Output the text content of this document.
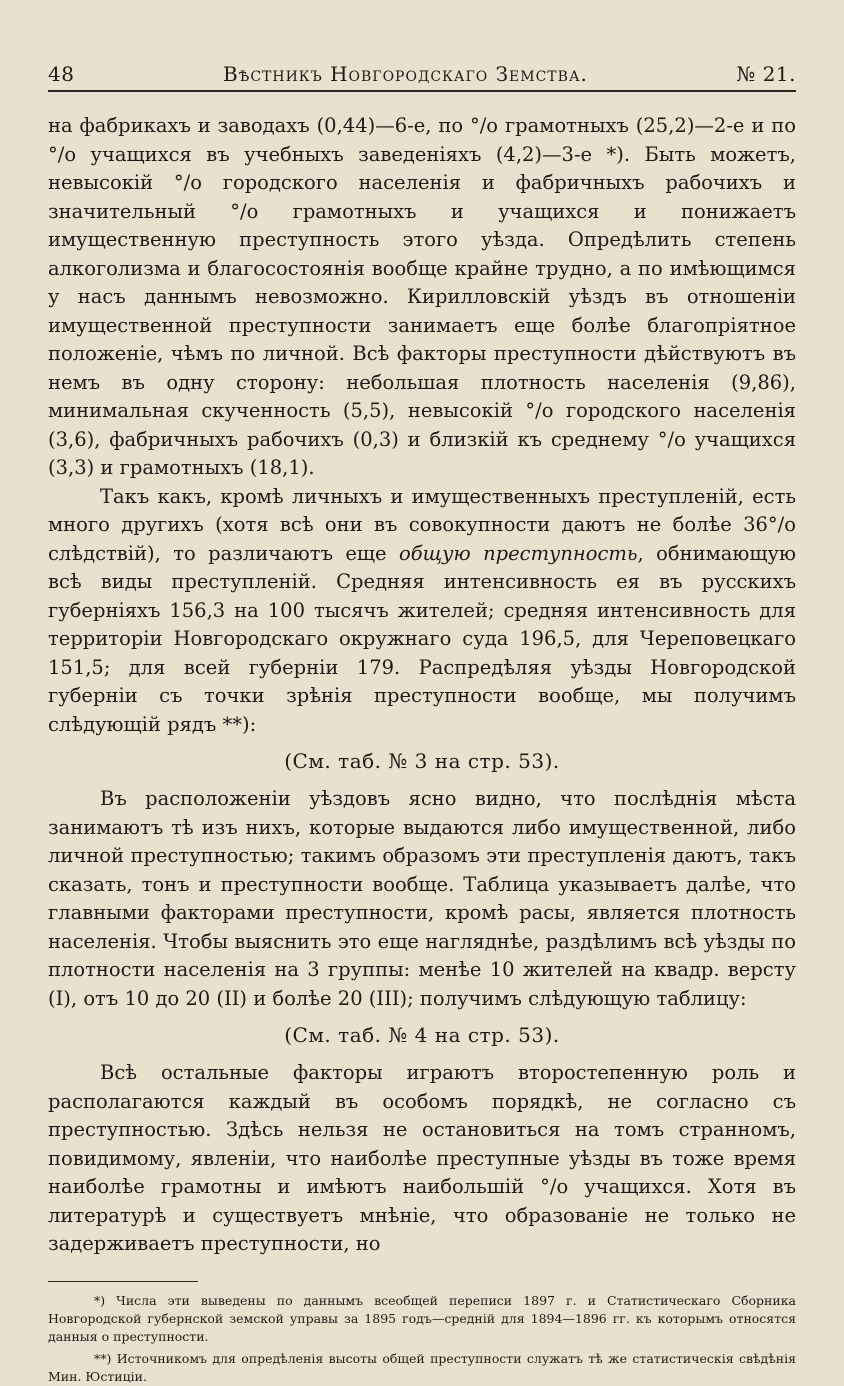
48	Вѣстникъ Новгородскаго Земства.	№ 21.

на фабрикахъ и заводахъ (0,44)—6-е, по °/о грамотныхъ (25,2)—2-е и по °/о учащихся въ учебныхъ заведеніяхъ (4,2)—3-е *). Быть можетъ, невысокій °/о городского населенія и фабричныхъ рабочихъ и значительный °/о грамотныхъ и учащихся и понижаетъ имущественную преступность этого уѣзда. Опредѣлить степень алкоголизма и благосостоянія вообще крайне трудно, а по имѣющимся у насъ даннымъ невозможно. Кирилловскій уѣздъ въ отношеніи имущественной преступности занимаетъ еще болѣе благопріятное положеніе, чѣмъ по личной. Всѣ факторы преступности дѣйствуютъ въ немъ въ одну сторону: небольшая плотность населенія (9,86), минимальная скученность (5,5), невысокій °/о городского населенія (3,6), фабричныхъ рабочихъ (0,3) и близкій къ среднему °/о учащихся (3,3) и грамотныхъ (18,1).

Такъ какъ, кромѣ личныхъ и имущественныхъ преступленій, есть много другихъ (хотя всѣ они въ совокупности даютъ не болѣе 36°/о слѣдствій), то различаютъ еще общую преступность, обнимающую всѣ виды преступленій. Средняя интенсивность ея въ русскихъ губерніяхъ 156,3 на 100 тысячъ жителей; средняя интенсивность для территоріи Новгородскаго окружнаго суда 196,5, для Череповецкаго 151,5; для всей губерніи 179. Распредѣляя уѣзды Новгородской губерніи съ точки зрѣнія преступности вообще, мы получимъ слѣдующій рядъ **):

(См. таб. № 3 на стр. 53).

Въ расположеніи уѣздовъ ясно видно, что послѣднія мѣста занимаютъ тѣ изъ нихъ, которые выдаются либо имущественной, либо личной преступностью; такимъ образомъ эти преступленія даютъ, такъ сказать, тонъ и преступности вообще. Таблица указываетъ далѣе, что главными факторами преступности, кромѣ расы, является плотность населенія. Чтобы выяснить это еще нагляднѣе, раздѣлимъ всѣ уѣзды по плотности населенія на 3 группы: менѣе 10 жителей на квадр. версту (I), отъ 10 до 20 (II) и болѣе 20 (III); получимъ слѣдующую таблицу:

(См. таб. № 4 на стр. 53).

Всѣ остальные факторы играютъ второстепенную роль и располагаются каждый въ особомъ порядкѣ, не согласно съ преступностью. Здѣсь нельзя не остановиться на томъ странномъ, повидимому, явленіи, что наиболѣе преступные уѣзды въ тоже время наиболѣе грамотны и имѣютъ наибольшій °/о учащихся. Хотя въ литературѣ и существуетъ мнѣніе, что образованіе не только не задерживаетъ преступности, но

*) Числа эти выведены по даннымъ всеобщей переписи 1897 г. и Статистическаго Сборника Новгородской губернской земской управы за 1895 годъ—средній для 1894—1896 гг. къ которымъ относятся данныя о преступности.

**) Источникомъ для опредѣленія высоты общей преступности служатъ тѣ же статистическія свѣдѣнія Мин. Юстиціи.
